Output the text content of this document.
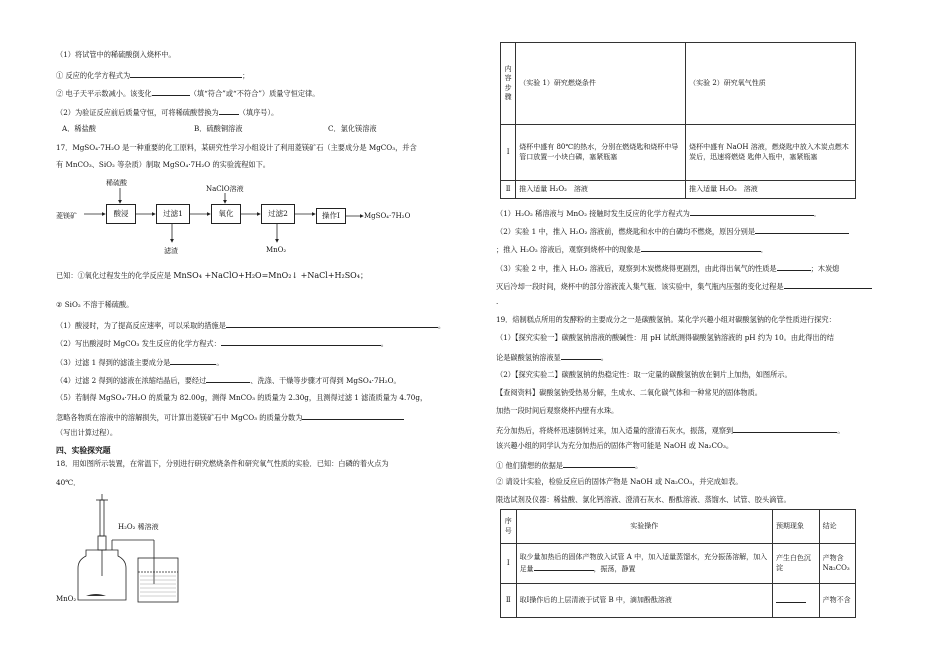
（1）将试管中的稀硫酸倒入烧杯中。
① 反应的化学方程式为	；
② 电子天平示数减小。该变化	（填“符合”或“不符合”）质量守恒定律。
（2）为验证反应前后质量守恒，可将稀硫酸替换为	（填序号）。
A．稀盐酸	B．硫酸铜溶液	C．氯化镁溶液
17．MgSO₄·7H₂O 是一种重要的化工原料，某研究性学习小组设计了利用菱镁矿石（主要成分是 MgCO₃，并含
有 MnCO₃、SiO₂ 等杂质）制取 MgSO₄·7H₂O 的实验流程如下。
菱镁矿
稀硫酸
酸浸	过滤1
NaClO溶液
氧化	过滤2	操作I	MgSO₄·7H₂O
滤渣	MnO₂
已知：①氧化过程发生的化学反应是 MnSO₄ +NaClO+H₂O=MnO₂↓ +NaCl+H₂SO₄；
② SiO₂ 不溶于稀硫酸。
（1）酸浸时，为了提高反应速率，可以采取的措施是	。
（2）写出酸浸时 MgCO₃ 发生反应的化学方程式：	。
（3）过滤 1 得到的滤渣主要成分是	。
（4）过滤 2 得到的滤液在浓缩结晶后，要经过	、洗涤、干燥等步骤才可得到 MgSO₄·7H₂O。
（5）若制得 MgSO₄·7H₂O 的质量为 82.00g，测得 MnCO₃ 的质量为 2.30g，且测得过滤 1 滤渣质量为 4.70g，
忽略各物质在溶液中的溶解损失，可计算出菱镁矿石中 MgCO₃ 的质量分数为
（写出计算过程）。
四、实验探究题
18．用如图所示装置，在常温下，分别进行研究燃烧条件和研究氧气性质的实验．已知：白磷的着火点为
40℃．
H₂O₂ 稀溶液
MnO₂
内容步骤	（实验 1）研究燃烧条件	（实验 2）研究氧气性质
Ⅰ	烧杯中盛有 80℃的热水，分别在燃烧匙和烧杯中导　管口放置一小块白磷，塞紧瓶塞	烧杯中盛有 NaOH 溶液，燃烧匙中放入木炭点燃木炭后，迅速将燃烧 匙伸入瓶中，塞紧瓶塞
Ⅱ	推入适量 H₂O₂　溶液	推入适量 H₂O₂　溶液
（1）H₂O₂ 稀溶液与 MnO₂ 接触时发生反应的化学方程式为	．
（2）实验 1 中，推入 H₂O₂ 溶液前，燃烧匙和水中的白磷均不燃烧，原因分别是
；推入 H₂O₂ 溶液后，观察到烧杯中的现象是	．
（3）实验 2 中，推入 H₂O₂ 溶液后，观察到木炭燃烧得更剧烈，由此得出氧气的性质是	；木炭熄
灭后冷却一段时间，烧杯中的部分溶液流入集气瓶．该实验中，集气瓶内压强的变化过程是
.
19．焙制糕点所用的发酵粉的主要成分之一是碳酸氢钠。某化学兴趣小组对碳酸氢钠的化学性质进行探究：
（1）【探究实验一】碳酸氢钠溶液的酸碱性：用 pH 试纸测得碳酸氢钠溶液的 pH 约为 10。由此得出的结
论是碳酸氢钠溶液显	。
（2）【探究实验二】碳酸氢钠的热稳定性：取一定量的碳酸氢钠放在铜片上加热，如图所示。
【查阅资料】碳酸氢钠受热易分解，生成水、二氧化碳气体和一种常见的固体物质。
加热一段时间后观察烧杯内壁有水珠。
充分加热后，将烧杯迅速倒转过来，加入适量的澄清石灰水，振荡，观察到	。
该兴趣小组的同学认为充分加热后的固体产物可能是 NaOH 或 Na₂CO₃。
① 他们猜想的依据是	。
② 请设计实验，检验反应后的固体产物是 NaOH 或 Na₂CO₃，并完成如表。
限选试剂及仪器：稀盐酸、氯化钙溶液、澄清石灰水、酚酞溶液、蒸馏水、试管、胶头滴管。
序号	实验操作	预期现象	结论
Ⅰ	取少量加热后的固体产物放入试管 A 中，加入适量蒸馏水，充分振荡溶解，加入足量 ，振荡，静置	产生白色沉淀	产物含 Na₂CO₃
Ⅱ	取Ⅰ操作后的上层清液于试管 B 中，滴加酚酞溶液		产物不含
